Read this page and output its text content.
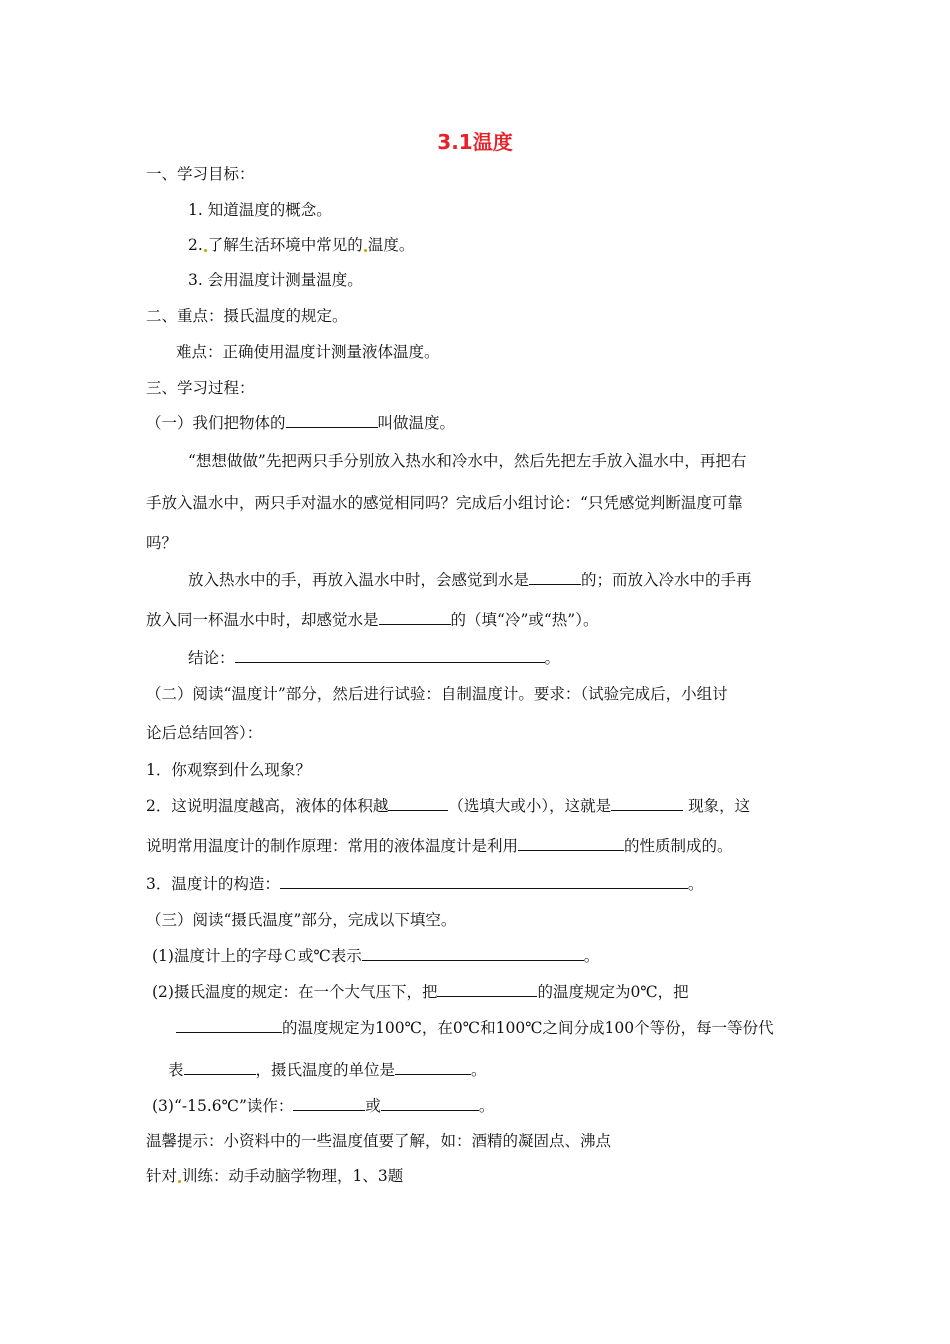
3.1温度
一、学习目标：
1. 知道温度的概念。
2. 了解生活环境中常见的 温度。
3. 会用温度计测量温度。
二、重点：摄氏温度的规定。
难点：正确使用温度计测量液体温度。
三、学习过程：
（一）我们把物体的	叫做温度。
“想想做做”先把两只手分别放入热水和冷水中，然后先把左手放入温水中，再把右
手放入温水中，两只手对温水的感觉相同吗？完成后小组讨论：“只凭感觉判断温度可靠
吗？
放入热水中的手，再放入温水中时，会感觉到水是	的；而放入冷水中的手再
放入同一杯温水中时，却感觉水是	的（填“冷”或“热”）。
结论：	。
（二）阅读“温度计”部分，然后进行试验：自制温度计。要求：（试验完成后，小组讨
论后总结回答）：
1．你观察到什么现象？
2．这说明温度越高，液体的体积越	（选填大或小），这就是	现象，这
说明常用温度计的制作原理：常用的液体温度计是利用	的性质制成的。
3．温度计的构造：	。
（三）阅读“摄氏温度”部分，完成以下填空。
(1)温度计上的字母Ｃ或℃表示	。
(2)摄氏温度的规定：在一个大气压下，把	的温度规定为0℃，把
的温度规定为100℃，在0℃和100℃之间分成100个等份，每一等份代
表	，摄氏温度的单位是	。
(3)“-15.6℃”读作：	或	。
温馨提示：小资料中的一些温度值要了解，如：酒精的凝固点、沸点
针对 训练：动手动脑学物理，1、3题
